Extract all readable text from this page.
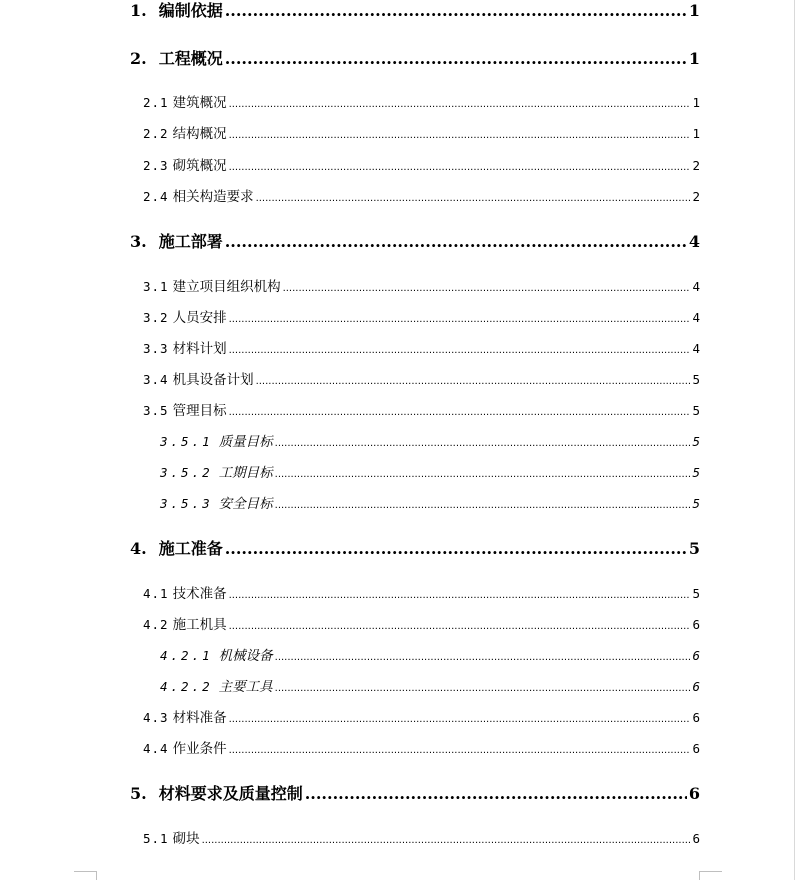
1. 编制依据 .....	1
2. 工程概况 .....	1
2.1 建筑概况 .....	1
2.2 结构概况 .....	1
2.3 砌筑概况 .....	2
2.4 相关构造要求 .....	2
3. 施工部署 .....	4
3.1 建立项目组织机构 .....	4
3.2 人员安排 .....	4
3.3 材料计划 .....	4
3.4 机具设备计划 .....	5
3.5 管理目标 .....	5
3.5.1 质量目标 .....	5
3.5.2 工期目标 .....	5
3.5.3 安全目标 .....	5
4. 施工准备 .....	5
4.1 技术准备 .....	5
4.2 施工机具 .....	6
4.2.1 机械设备 .....	6
4.2.2 主要工具 .....	6
4.3 材料准备 .....	6
4.4 作业条件 .....	6
5. 材料要求及质量控制 .....	6
5.1 砌块 .....	6
